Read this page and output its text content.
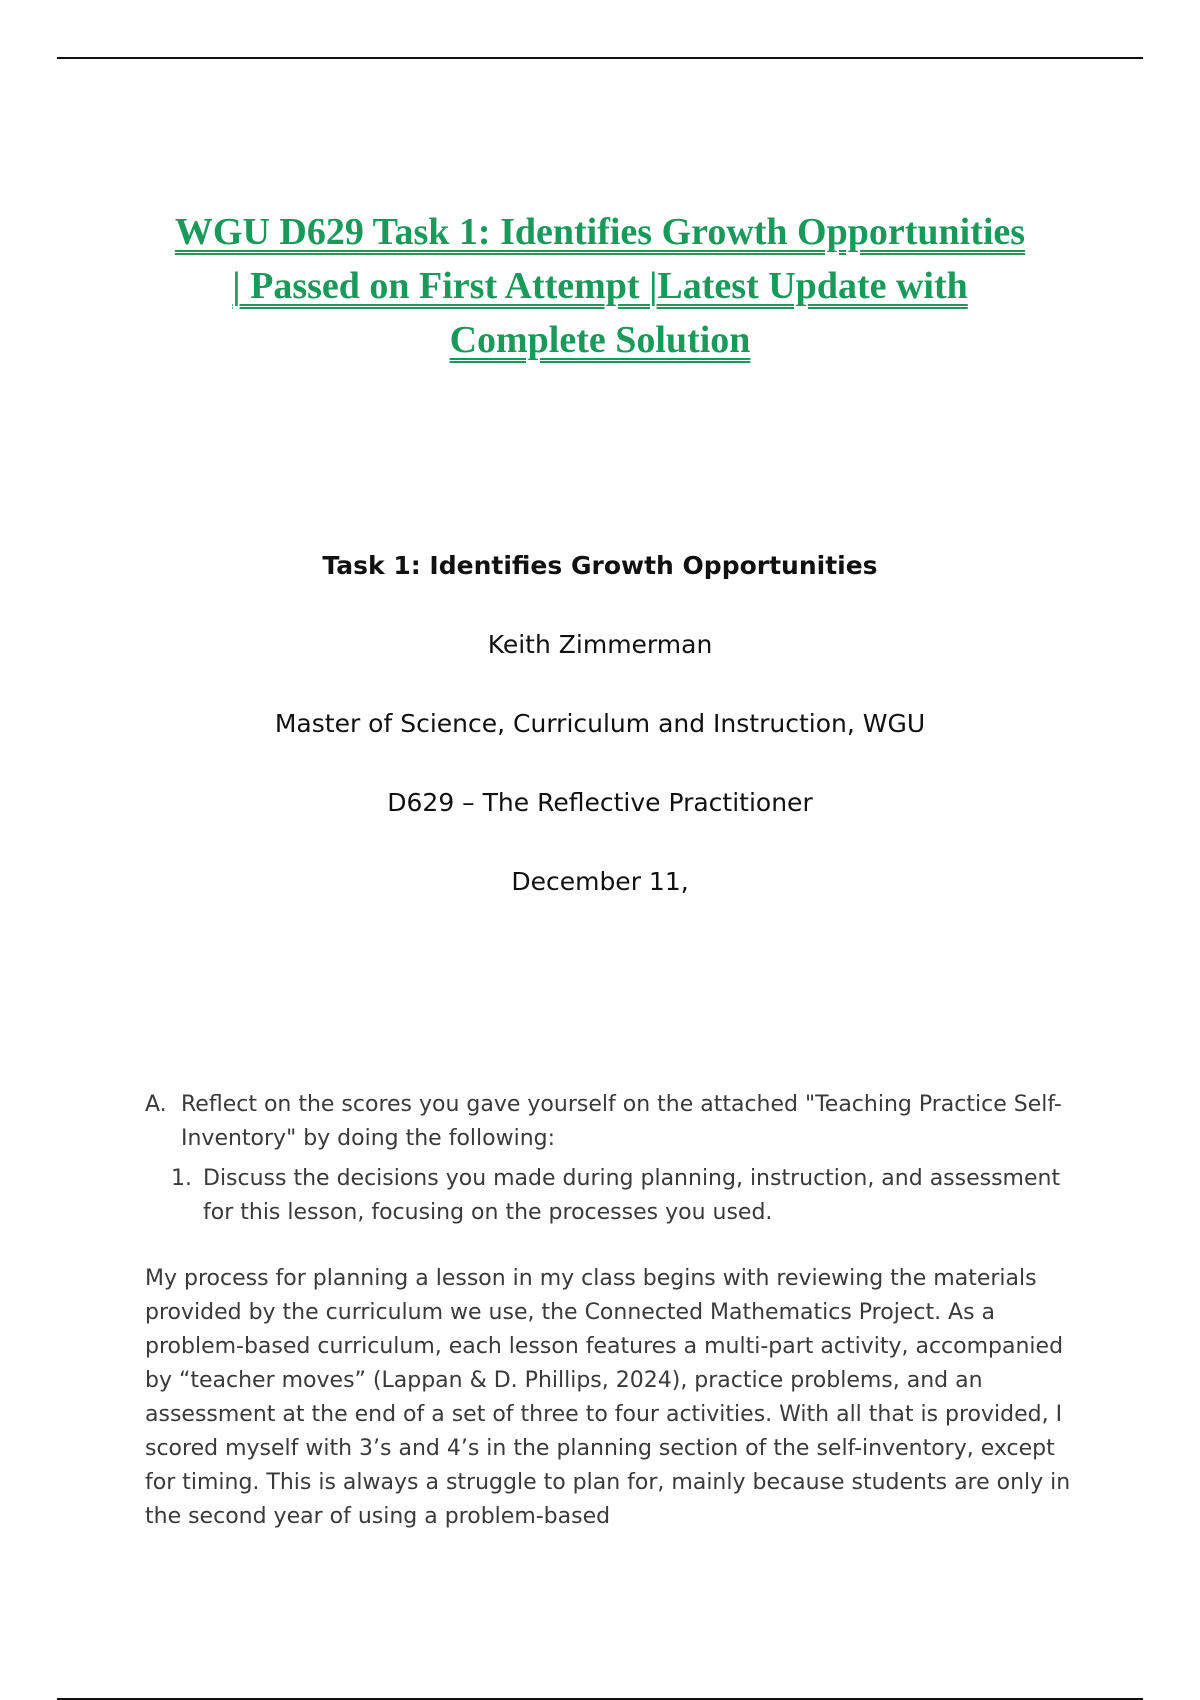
WGU D629 Task 1: Identifies Growth Opportunities
| Passed on First Attempt |Latest Update with
Complete Solution
Task 1: Identifies Growth Opportunities
Keith Zimmerman
Master of Science, Curriculum and Instruction, WGU
D629 – The Reflective Practitioner
December 11,
A. Reflect on the scores you gave yourself on the attached "Teaching Practice Self-Inventory" by doing the following:
1. Discuss the decisions you made during planning, instruction, and assessment for this lesson, focusing on the processes you used.

My process for planning a lesson in my class begins with reviewing the materials provided by the curriculum we use, the Connected Mathematics Project. As a problem-based curriculum, each lesson features a multi-part activity, accompanied by “teacher moves” (Lappan & D. Phillips, 2024), practice problems, and an assessment at the end of a set of three to four activities. With all that is provided, I scored myself with 3’s and 4’s in the planning section of the self-inventory, except for timing. This is always a struggle to plan for, mainly because students are only in the second year of using a problem-based
